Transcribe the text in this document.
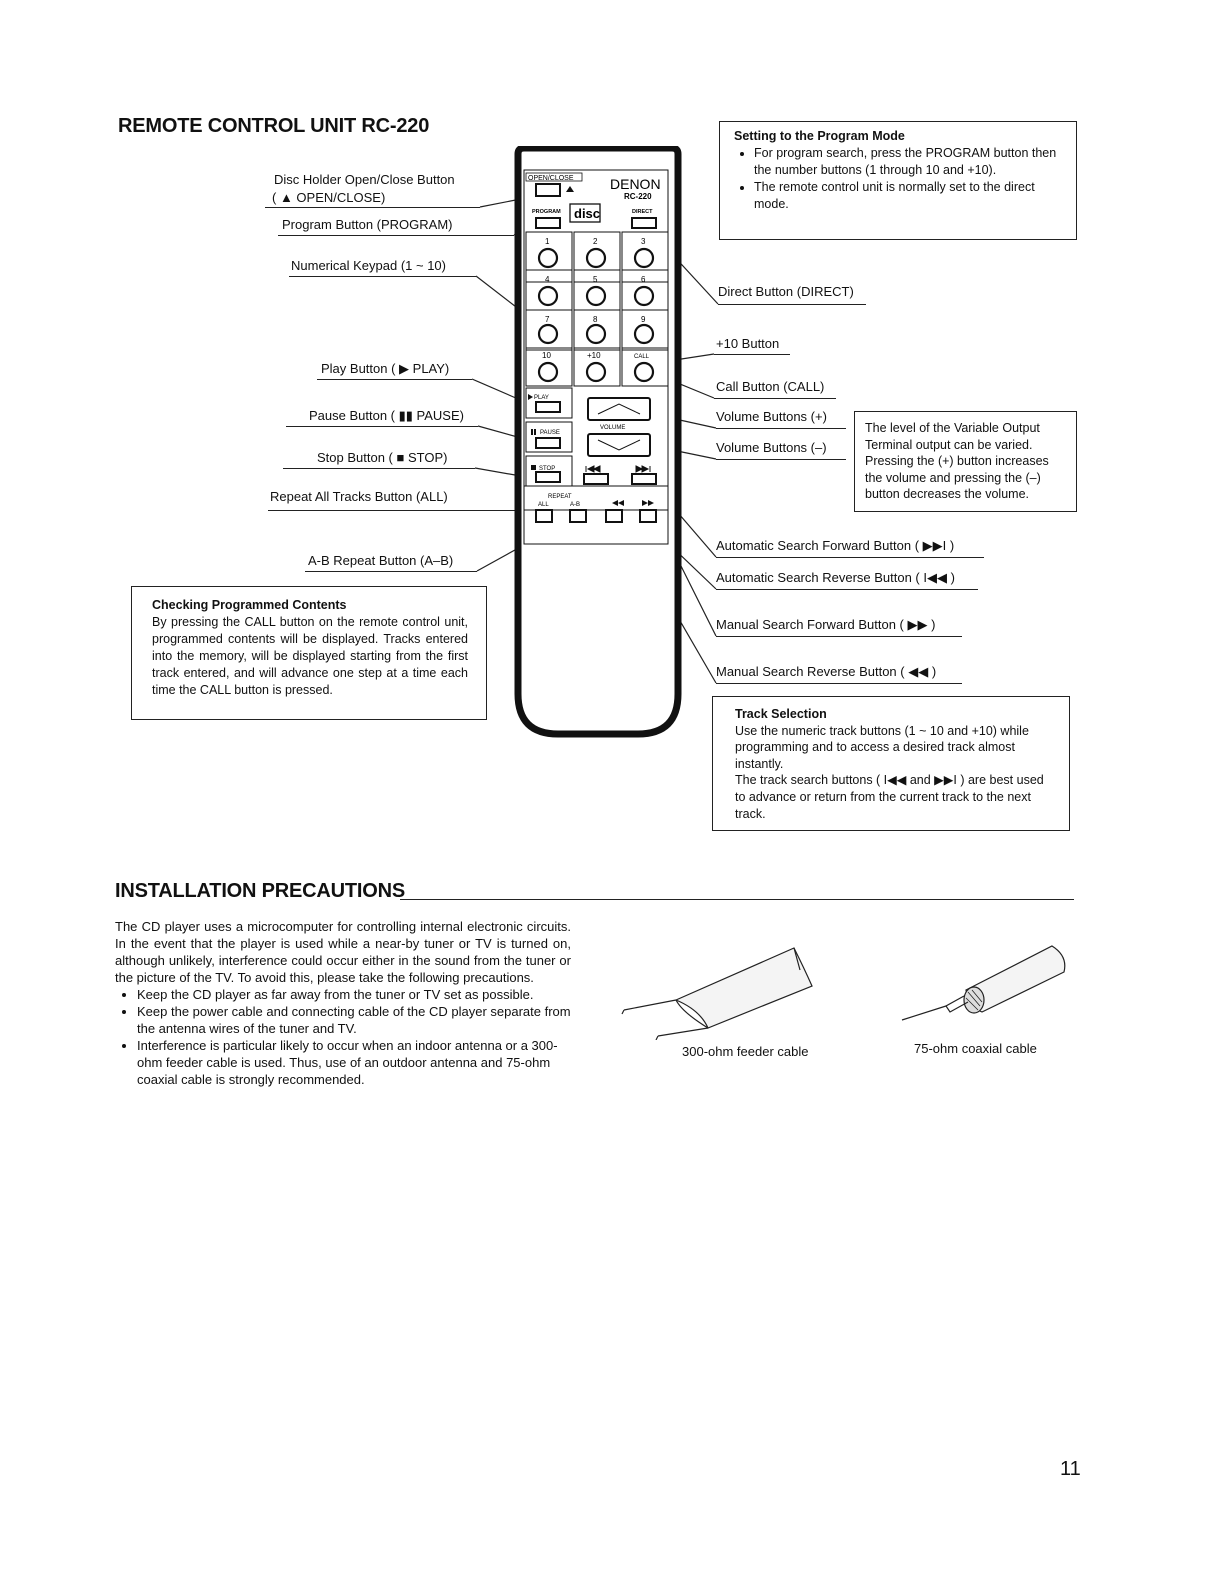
REMOTE CONTROL UNIT RC-220
Disc Holder Open/Close Button
( ▲ OPEN/CLOSE)
Program Button (PROGRAM)
Numerical Keypad (1 ~ 10)
Play Button ( ▶ PLAY)
Pause Button ( ▮▮ PAUSE)
Stop Button ( ■ STOP)
Repeat All Tracks Button (ALL)
A-B Repeat Button (A–B)
Direct Button (DIRECT)
+10 Button
Call Button (CALL)
Volume Buttons (+)
Volume Buttons (–)
Automatic Search Forward Button ( ▶▶I )
Automatic Search Reverse Button ( I◀◀ )
Manual Search Forward Button ( ▶▶ )
Manual Search Reverse Button ( ◀◀ )
OPEN/CLOSE	DENON
RC-220
PROGRAM disc	DIRECT
1	2	3
4	5	6
7	8	9
10	+10	CALL
PLAY
PAUSE
STOP
VOLUME
REPEAT
ALL	A-B
Setting to the Program Mode
• For program search, press the PROGRAM button then the number buttons (1 through 10 and +10).
• The remote control unit is normally set to the direct mode.

The level of the Variable Output Terminal output can be varied. Pressing the (+) button increases the volume and pressing the (–) button decreases the volume.

Checking Programmed Contents

By pressing the CALL button on the remote control unit, programmed contents will be displayed. Tracks entered into the memory, will be displayed starting from the first track entered, and will advance one step at a time each time the CALL button is pressed.

Track Selection

Use the numeric track buttons (1 ~ 10 and +10) while programming and to access a desired track almost instantly.

The track search buttons ( I◀◀ and ▶▶I ) are best used to advance or return from the current track to the next track.

INSTALLATION PRECAUTIONS

The CD player uses a microcomputer for controlling internal electronic circuits. In the event that the player is used while a near-by tuner or TV is turned on, although unlikely, interference could occur either in the sound from the tuner or the picture of the TV. To avoid this, please take the following precautions.

• Keep the CD player as far away from the tuner or TV set as possible.
• Keep the power cable and connecting cable of the CD player separate from the antenna wires of the tuner and TV.
• Interference is particular likely to occur when an indoor antenna or a 300-ohm feeder cable is used. Thus, use of an outdoor antenna and 75-ohm coaxial cable is strongly recommended.
300-ohm feeder cable	75-ohm coaxial cable
11
